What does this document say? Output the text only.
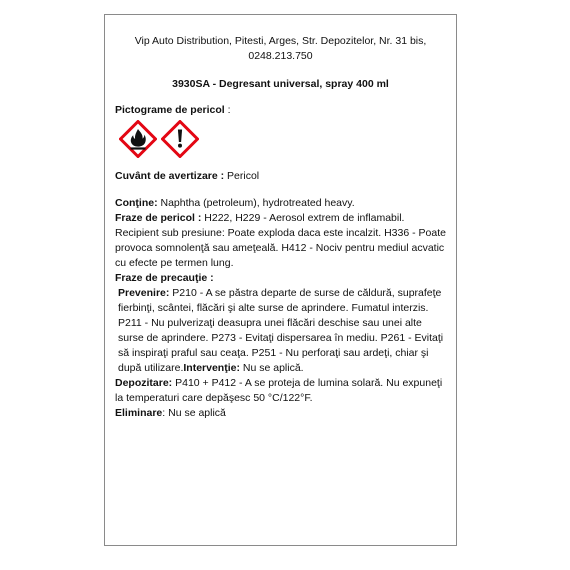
Vip Auto Distribution, Pitesti, Arges, Str. Depozitelor, Nr. 31 bis, 0248.213.750
3930SA - Degresant universal, spray 400 ml
Pictograme de pericol :
Cuvânt de avertizare : Pericol
Conţine: Naphtha (petroleum), hydrotreated heavy.
Fraze de pericol : H222, H229 - Aerosol extrem de inflamabil. Recipient sub presiune: Poate exploda daca este incalzit. H336 - Poate provoca somnolenţă sau ameţeală. H412 - Nociv pentru mediul acvatic cu efecte pe termen lung.
Fraze de precauţie :
Prevenire: P210 - A se păstra departe de surse de căldură, suprafeţe fierbinţi, scântei, flăcări şi alte surse de aprindere. Fumatul interzis. P211 - Nu pulverizaţi deasupra unei flăcări deschise sau unei alte surse de aprindere. P273 - Evitaţi dispersarea în mediu. P261 - Evitaţi să inspiraţi praful sau ceaţa. P251 - Nu perforaţi sau ardeţi, chiar şi după utilizare.Intervenţie: Nu se aplică.
Depozitare: P410 + P412 - A se proteja de lumina solară. Nu expuneţi la temperaturi care depăşesc 50 °C/122°F.
Eliminare: Nu se aplică
